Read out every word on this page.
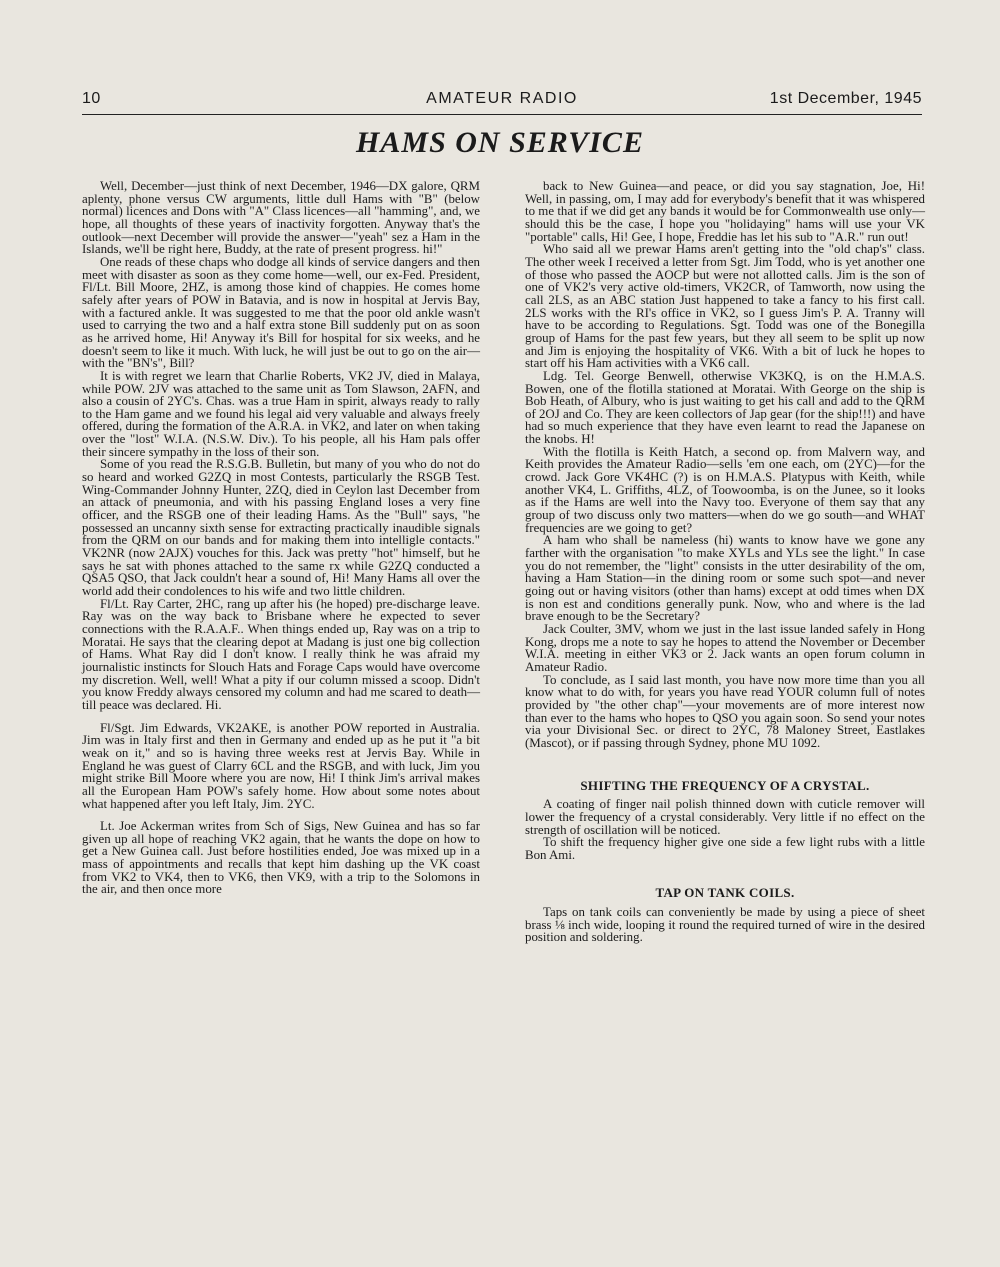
AMATEUR RADIO
10	1st December, 1945
HAMS ON SERVICE

Well, December—just think of next December, 1946—DX galore, QRM aplenty, phone versus CW arguments, little dull Hams with "B" (below normal) licences and Dons with "A" Class licences—all "hamming", and, we hope, all thoughts of these years of inactivity forgotten. Anyway that's the outlook—next December will provide the answer—"yeah" sez a Ham in the Islands, we'll be right here, Buddy, at the rate of present progress. hi!"

One reads of these chaps who dodge all kinds of service dangers and then meet with disaster as soon as they come home—well, our ex-Fed. President, Fl/Lt. Bill Moore, 2HZ, is among those kind of chappies. He comes home safely after years of POW in Batavia, and is now in hospital at Jervis Bay, with a factured ankle. It was suggested to me that the poor old ankle wasn't used to carrying the two and a half extra stone Bill suddenly put on as soon as he arrived home, Hi! Anyway it's Bill for hospital for six weeks, and he doesn't seem to like it much. With luck, he will just be out to go on the air—with the "BN's", Bill?

It is with regret we learn that Charlie Roberts, VK2 JV, died in Malaya, while POW. 2JV was attached to the same unit as Tom Slawson, 2AFN, and also a cousin of 2YC's. Chas. was a true Ham in spirit, always ready to rally to the Ham game and we found his legal aid very valuable and always freely offered, during the formation of the A.R.A. in VK2, and later on when taking over the "lost" W.I.A. (N.S.W. Div.). To his people, all his Ham pals offer their sincere sympathy in the loss of their son.

Some of you read the R.S.G.B. Bulletin, but many of you who do not do so heard and worked G2ZQ in most Contests, particularly the RSGB Test. Wing-Commander Johnny Hunter, 2ZQ, died in Ceylon last December from an attack of pneumonia, and with his passing England loses a very fine officer, and the RSGB one of their leading Hams. As the "Bull" says, "he possessed an uncanny sixth sense for extracting practically inaudible signals from the QRM on our bands and for making them into intelligle contacts." VK2NR (now 2AJX) vouches for this. Jack was pretty "hot" himself, but he says he sat with phones attached to the same rx while G2ZQ conducted a QSA5 QSO, that Jack couldn't hear a sound of, Hi! Many Hams all over the world add their condolences to his wife and two little children.

Fl/Lt. Ray Carter, 2HC, rang up after his (he hoped) pre-discharge leave. Ray was on the way back to Brisbane where he expected to sever connections with the R.A.A.F.. When things ended up, Ray was on a trip to Moratai. He says that the clearing depot at Madang is just one big collection of Hams. What Ray did I don't know. I really think he was afraid my journalistic instincts for Slouch Hats and Forage Caps would have overcome my discretion. Well, well! What a pity if our column missed a scoop. Didn't you know Freddy always censored my column and had me scared to death—till peace was declared. Hi.

Fl/Sgt. Jim Edwards, VK2AKE, is another POW reported in Australia. Jim was in Italy first and then in Germany and ended up as he put it "a bit weak on it," and so is having three weeks rest at Jervis Bay. While in England he was guest of Clarry 6CL and the RSGB, and with luck, Jim you might strike Bill Moore where you are now, Hi! I think Jim's arrival makes all the European Ham POW's safely home. How about some notes about what happened after you left Italy, Jim. 2YC.

Lt. Joe Ackerman writes from Sch of Sigs, New Guinea and has so far given up all hope of reaching VK2 again, that he wants the dope on how to get a New Guinea call. Just before hostilities ended, Joe was mixed up in a mass of appointments and recalls that kept him dashing up the VK coast from VK2 to VK4, then to VK6, then VK9, with a trip to the Solomons in the air, and then once more

back to New Guinea—and peace, or did you say stagnation, Joe, Hi! Well, in passing, om, I may add for everybody's benefit that it was whispered to me that if we did get any bands it would be for Commonwealth use only—should this be the case, I hope you "holidaying" hams will use your VK "portable" calls, Hi! Gee, I hope, Freddie has let his sub to "A.R." run out!

Who said all we prewar Hams aren't getting into the "old chap's" class. The other week I received a letter from Sgt. Jim Todd, who is yet another one of those who passed the AOCP but were not allotted calls. Jim is the son of one of VK2's very active old-timers, VK2CR, of Tamworth, now using the call 2LS, as an ABC station Just happened to take a fancy to his first call. 2LS works with the RI's office in VK2, so I guess Jim's P. A. Tranny will have to be according to Regulations. Sgt. Todd was one of the Bonegilla group of Hams for the past few years, but they all seem to be split up now and Jim is enjoying the hospitality of VK6. With a bit of luck he hopes to start off his Ham activities with a VK6 call.

Ldg. Tel. George Benwell, otherwise VK3KQ, is on the H.M.A.S. Bowen, one of the flotilla stationed at Moratai. With George on the ship is Bob Heath, of Albury, who is just waiting to get his call and add to the QRM of 2OJ and Co. They are keen collectors of Jap gear (for the ship!!!) and have had so much experience that they have even learnt to read the Japanese on the knobs. H!

With the flotilla is Keith Hatch, a second op. from Malvern way, and Keith provides the Amateur Radio—sells 'em one each, om (2YC)—for the crowd. Jack Gore VK4HC (?) is on H.M.A.S. Platypus with Keith, while another VK4, L. Griffiths, 4LZ, of Toowoomba, is on the Junee, so it looks as if the Hams are well into the Navy too. Everyone of them say that any group of two discuss only two matters—when do we go south—and WHAT frequencies are we going to get?

A ham who shall be nameless (hi) wants to know have we gone any farther with the organisation "to make XYLs and YLs see the light." In case you do not remember, the "light" consists in the utter desirability of the om, having a Ham Station—in the dining room or some such spot—and never going out or having visitors (other than hams) except at odd times when DX is non est and conditions generally punk. Now, who and where is the lad brave enough to be the Secretary?

Jack Coulter, 3MV, whom we just in the last issue landed safely in Hong Kong, drops me a note to say he hopes to attend the November or December W.I.A. meeting in either VK3 or 2. Jack wants an open forum column in Amateur Radio.

To conclude, as I said last month, you have now more time than you all know what to do with, for years you have read YOUR column full of notes provided by "the other chap"—your movements are of more interest now than ever to the hams who hopes to QSO you again soon. So send your notes via your Divisional Sec. or direct to 2YC, 78 Maloney Street, Eastlakes (Mascot), or if passing through Sydney, phone MU 1092.

SHIFTING THE FREQUENCY OF A CRYSTAL.

A coating of finger nail polish thinned down with cuticle remover will lower the frequency of a crystal considerably. Very little if no effect on the strength of oscillation will be noticed.

To shift the frequency higher give one side a few light rubs with a little Bon Ami.

TAP ON TANK COILS.

Taps on tank coils can conveniently be made by using a piece of sheet brass ⅛ inch wide, looping it round the required turned of wire in the desired position and soldering.
